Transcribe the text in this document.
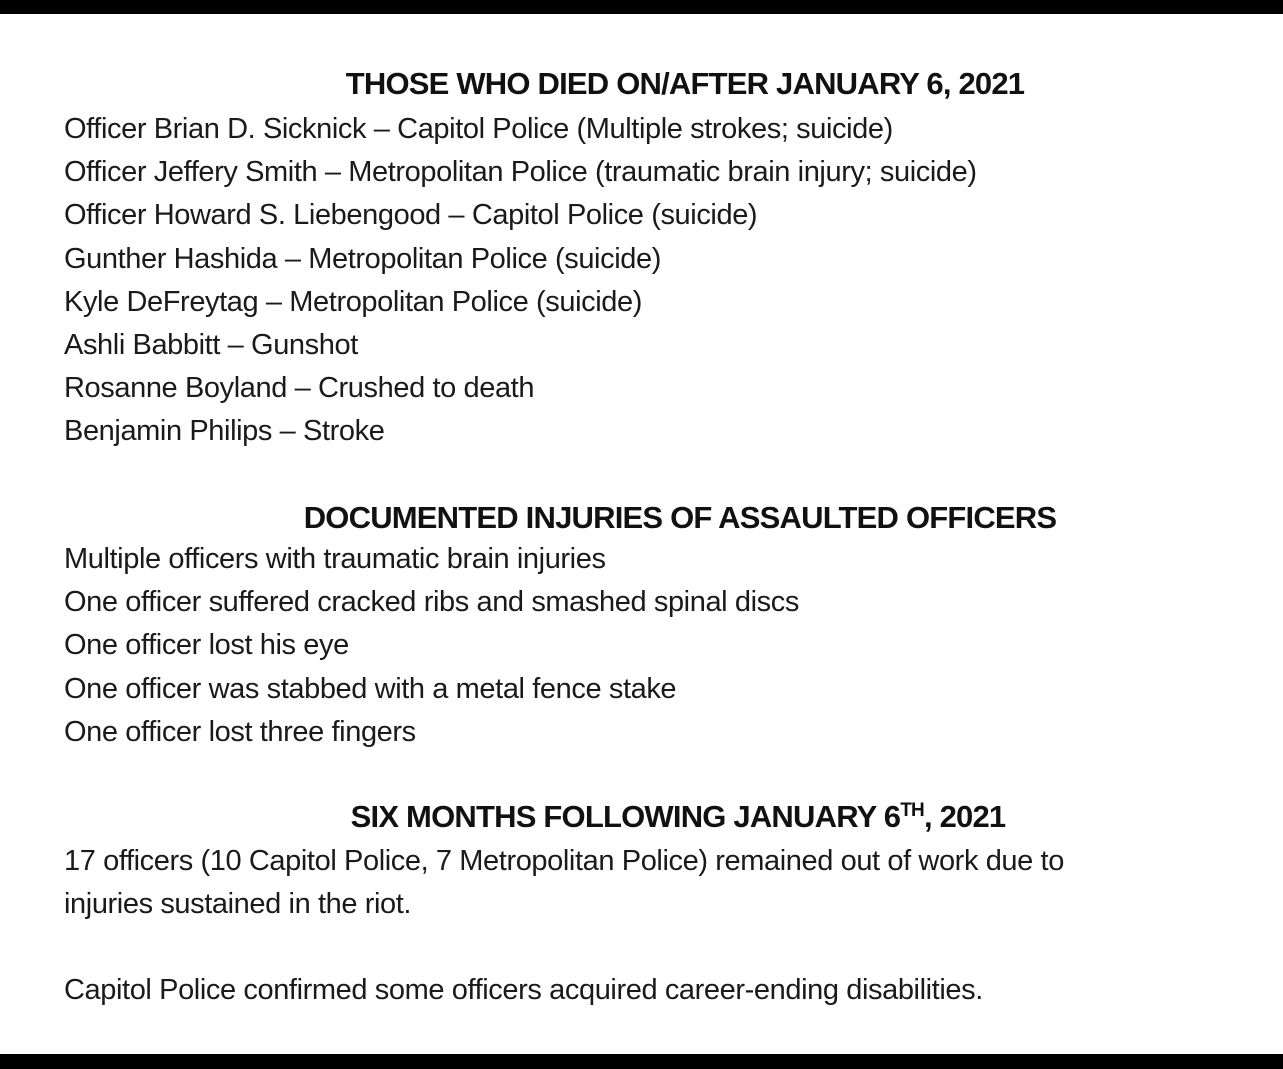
THOSE WHO DIED ON/AFTER JANUARY 6, 2021
Officer Brian D. Sicknick – Capitol Police (Multiple strokes; suicide)
Officer Jeffery Smith – Metropolitan Police (traumatic brain injury; suicide)
Officer Howard S. Liebengood – Capitol Police (suicide)
Gunther Hashida – Metropolitan Police (suicide)
Kyle DeFreytag – Metropolitan Police (suicide)
Ashli Babbitt – Gunshot
Rosanne Boyland – Crushed to death
Benjamin Philips – Stroke
DOCUMENTED INJURIES OF ASSAULTED OFFICERS
Multiple officers with traumatic brain injuries
One officer suffered cracked ribs and smashed spinal discs
One officer lost his eye
One officer was stabbed with a metal fence stake
One officer lost three fingers
SIX MONTHS FOLLOWING JANUARY 6TH, 2021

17 officers (10 Capitol Police, 7 Metropolitan Police) remained out of work due to
injuries sustained in the riot.

Capitol Police confirmed some officers acquired career-ending disabilities.
